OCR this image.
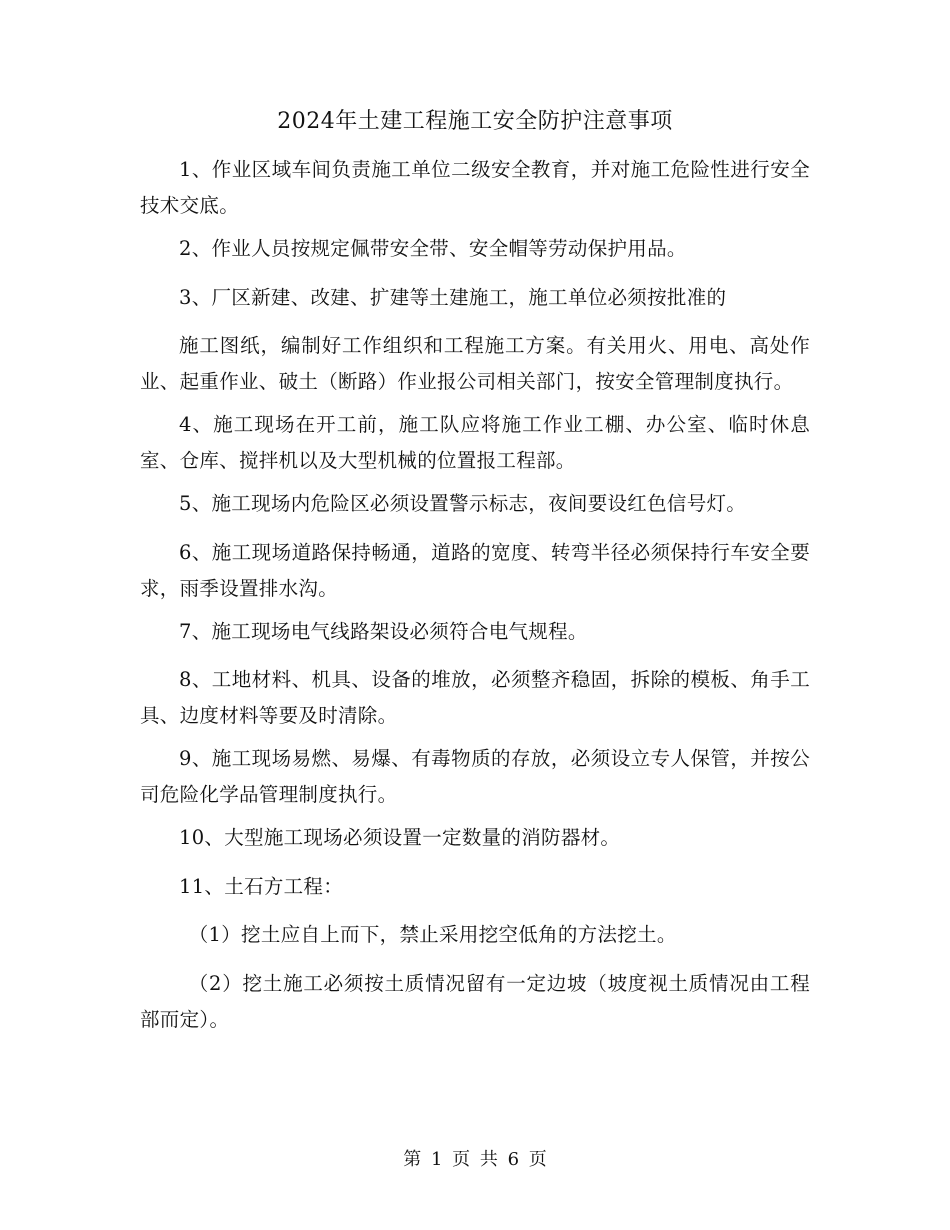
2024年土建工程施工安全防护注意事项

1、作业区域车间负责施工单位二级安全教育，并对施工危险性进行安全技术交底。

2、作业人员按规定佩带安全带、安全帽等劳动保护用品。

3、厂区新建、改建、扩建等土建施工，施工单位必须按批准的

施工图纸，编制好工作组织和工程施工方案。有关用火、用电、高处作业、起重作业、破土（断路）作业报公司相关部门，按安全管理制度执行。

4、施工现场在开工前，施工队应将施工作业工棚、办公室、临时休息室、仓库、搅拌机以及大型机械的位置报工程部。

5、施工现场内危险区必须设置警示标志，夜间要设红色信号灯。

6、施工现场道路保持畅通，道路的宽度、转弯半径必须保持行车安全要求，雨季设置排水沟。

7、施工现场电气线路架设必须符合电气规程。

8、工地材料、机具、设备的堆放，必须整齐稳固，拆除的模板、角手工具、边度材料等要及时清除。

9、施工现场易燃、易爆、有毒物质的存放，必须设立专人保管，并按公司危险化学品管理制度执行。

10、大型施工现场必须设置一定数量的消防器材。

11、土石方工程：

（1）挖土应自上而下，禁止采用挖空低角的方法挖土。

（2）挖土施工必须按土质情况留有一定边坡（坡度视土质情况由工程部而定）。

第 1 页 共 6 页
